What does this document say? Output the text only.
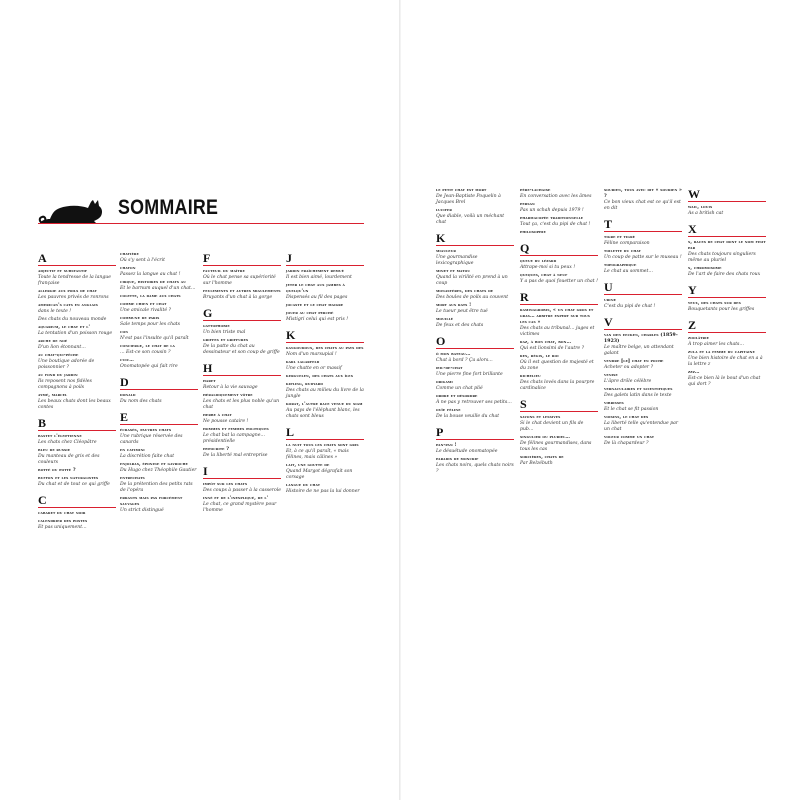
SOMMAIRE
A
adjectif et substantif
Toute la tendresse de la langue française
allergie aux poils de chat
Les pauvres privés de ronrons
american's cats en anglais
dans le texte !
Des chats du nouveau monde
aquarium, le chat et l'
La tentation d'un poisson rouge
arche de noé
D'un lion étonnant…
au chat-qui-pêche
Une boutique adorée de poissonnier ?
au fond du jardin
Ils reposent nos fidèles compagnons à poils
aymé, marcel
Les beaux chats dont les beaux contes
B
bastet l'égyptienne
Les chats chez Cléopâtre
bleu de russie
Du manteau de gris et des couleurs
botté ou potté ?
buffon et les naturalistes
Du chat et de tout ce qui griffe
C
cabaret du chat noir
calendrier des postes
Et pas uniquement…
chatière
Où s'y sent à l'écrit
chaton
Passez la langue au chat !
cirque, histoires de chats au
Et le barnum auquel d'un chat…
colette, la dame aux chats
comme chien et chat
Une amicale rivalité ?
commune de paris
Sale temps pour les chats
con
N'est pas l'insulte qu'il paraît
concierge, le chat de la
… Est-ce son cousin ?
cuic…
Onomatopée qui fait rire
D
donald
Du nom des chats
E
écrasés, pauvres chats
Une rubrique réservée des canards
en catimini
La discrétion faite chat
enjolras, éponine et gavroche
Du Hugo chez Théophile Gautier
entrechats
De la prétention des petits rats de l'opéra
errants mais pas forcément sauvages
Un strict distingué
F
fauteuil du maître
Où le chat pense sa supériorité sur l'homme
feulements et autres miaulements
Bruyants d'un chat à la gorge
G
gattophobie
Un bien triste mal
griffes et griffures
De la patte du chat au dessinateur et son coup de griffe
H
haret
Retour à la vie sauvage
héraldiquement vôtre
Les chats et les plus noble qu'un chat
herbe à chat
Ne pousse cataire !
hommes et femmes politiques
Le chat bat la campagne… présidentielle
hypocrite ?
De la liberté mal entreprise
I
impôt sur les chats
Des coups à passer à la casserole
inné et de l'inexpliqué, de l'
Le chat, ce grand mystère pour l'homme
J
jardin fraîchement remué
Il est bien aimé, lourdement
jeter le chat aux jambes à quelqu'un
Dispensés au fil des pages
jocaste et le chat maigre
jouer au chat perché
Mistigri celui qui est pris !
K
kangourous, des chats au pays des
Nom d'un marsupial !
karl lagarfeld
Une chatte en or massif
kerguelen, des chats aux îles
kipling, rudyard
Des chats au milieu du livre de la jungle
korat, l'autre race venue du siam
Au pays de l'éléphant blanc, les chats sont bleus
L
la nuit tous les chats sont gris
Et, à ce qu'il paraît, « mais félines, mais câlines »
lait, une goutte de
Quand Margot dégrafait son corsage
langue du chat
Histoire de ne pas la lui donner
le petit chat est mort
De Jean-Baptiste Poquelin à Jacques Brel
lucifer
Que diable, voilà un méchant chat
K
miauleur
Une gourmandise lexicographique
minet et matou
Quand la virilité en prend à un coup
monastères, des chats de
Des boules de poils au couvent
mort aux rats !
Le tueur peut être tué
mouillé
De feux et des chats
O
ô mon bateau…
Chat à bord ? Ça alors…
œil-de-chat
Une pierre fine fort brillante
origami
Comme un chat plié
ordre et désordre
À ne pas y retrouver ses petits…
ouïe féline
De la bouse veuille du chat
P
pan-pan !
Le désuétude onomatopée
paradis de moncrif
Les chats noirs, quels chats noirs ?
père-lachaise
En conversation avec les âmes
persan
Pas un schah depuis 1979 !
pharmacopée traditionnelle
Tout ça, c'est du pipi de chat !
philosophie
Q
queue du lézard
Attrape-moi si tu peux !
queques, chat à neuf
Y a pas de quoi fouetter un chat !
R
raminagrobis, « un chat gros et gras… arbitre expert sur tous les cas »
Des chats au tribunal… juges et victimes
raz, à bon chat, bon…
Qui est lionsimi de l'autre ?
rex, régis, le roi
Où il est question de majesté et du zone
richelieu
Des chats lovés dans la pourpre cardinalice
S
savons et lessives
Si le chat devient un fils de pub…
singulier ou pluriel…
De félines gourmandises, dans tous les cas
sorcières, chats de
Par Belzébuth
sourien, tous avec dit « sourien » ?
Ce bon vieux chat est ce qu'il est en dit
T
tigre et tigré
Féline comparaison
toilette du chat
Un coup de patte sur le museau !
topographique
Le chat au sommet…
U
urine
C'est du pipi de chat !
V
van den eecken, charles (1859-1923)
Le maître belge, un attendant galant
vendre [le] chat en poche
Acheter ou adopter ?
venise
L'âpre drôle célèbre
vernaculaires et scientifiques
Des galets latin dans le texte
vibrisses
Et le chat se fit passion
voisins, le chat des
La liberté telle qu'entendue par un chat
voleur comme un chat
De là chapardeur ?
W
wail, louis
As a british cat
X
x, races de chat dont le nom finit par
Des chats toujours singuliers même au pluriel
x, chromosome
De l'art de faire des chats roux
Y
yeux, des chats sur des
Bouquetants pour les griffes
Z
zoolâtrie
À trop aimer les chats…
zula et la femme du capitaine
Une bien histoire de chat en a à la lettre z
zzz…
Est-ce bien là le bout d'un chat qui dort ?
